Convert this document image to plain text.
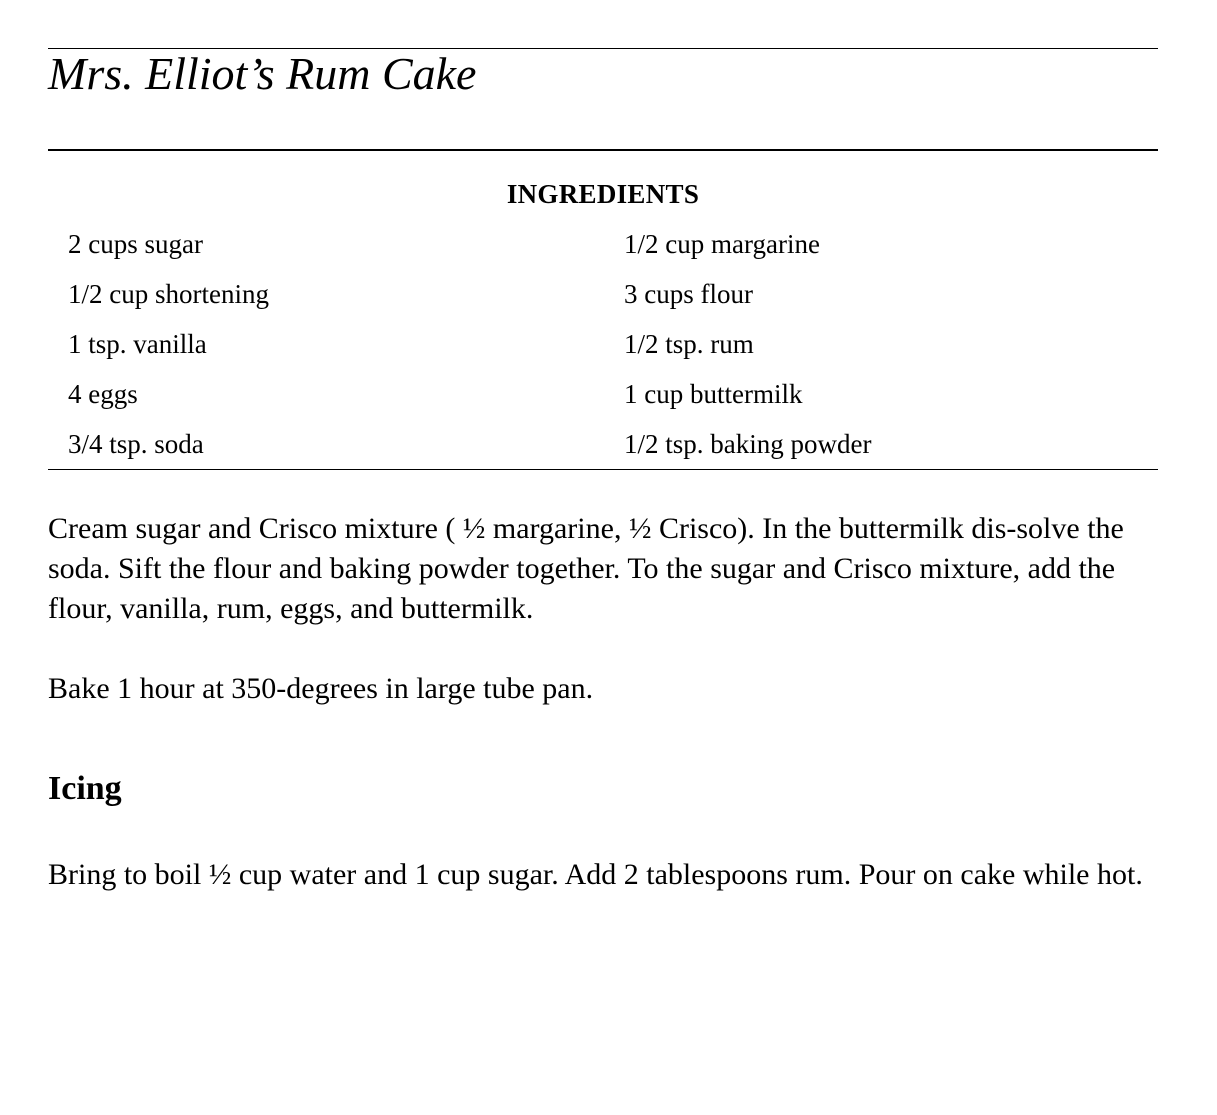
Mrs. Elliot’s Rum Cake
INGREDIENTS
2 cups sugar	1/2 cup margarine
1/2 cup shortening	3 cups flour
1 tsp. vanilla	1/2 tsp. rum
4 eggs	1 cup buttermilk
3/4 tsp. soda	1/2 tsp. baking powder

Cream sugar and Crisco mixture ( ½ margarine, ½ Crisco). In the buttermilk dis-solve the soda. Sift the flour and baking powder together. To the sugar and Crisco mixture, add the flour, vanilla, rum, eggs, and buttermilk.

Bake 1 hour at 350-degrees in large tube pan.

Icing

Bring to boil ½ cup water and 1 cup sugar. Add 2 tablespoons rum. Pour on cake while hot.
